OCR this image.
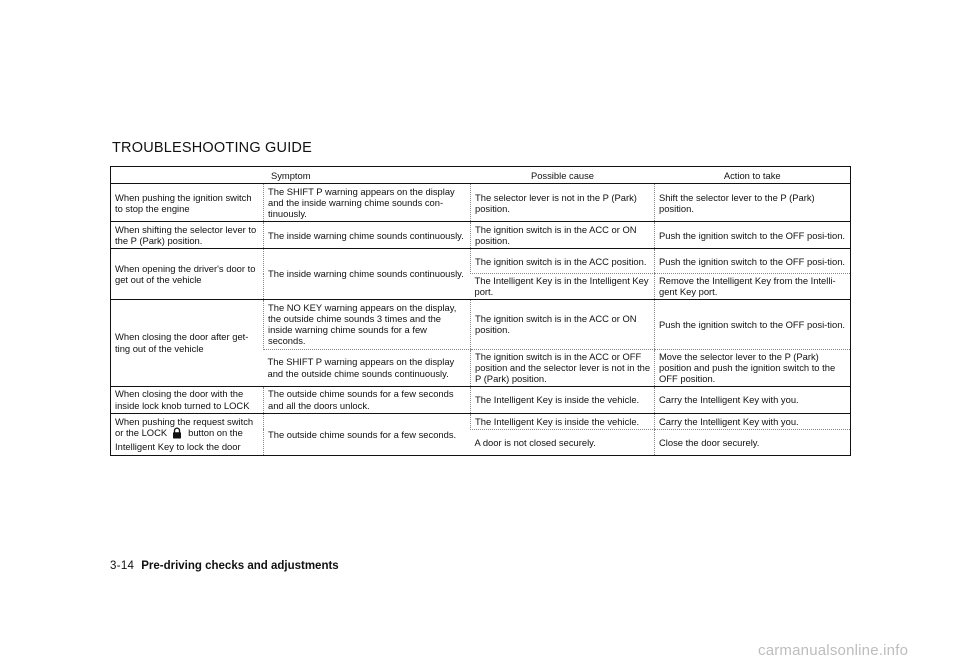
TROUBLESHOOTING GUIDE
Symptom		Possible cause	Action to take
When pushing the ignition switch to stop the engine	The SHIFT P warning appears on the display and the inside warning chime sounds con-tinuously.	The selector lever is not in the P (Park) position.	Shift the selector lever to the P (Park) position.
When shifting the selector lever to the P (Park) position.	The inside warning chime sounds continuously.	The ignition switch is in the ACC or ON position.	Push the ignition switch to the OFF posi-tion.
When opening the driver's door to get out of the vehicle	The inside warning chime sounds continuously.	The ignition switch is in the ACC position.	Push the ignition switch to the OFF posi-tion.
		The Intelligent Key is in the Intelligent Key port.	Remove the Intelligent Key from the Intelli-gent Key port.
When closing the door after get-ting out of the vehicle	The NO KEY warning appears on the display, the outside chime sounds 3 times and the inside warning chime sounds for a few seconds.	The ignition switch is in the ACC or ON position.	Push the ignition switch to the OFF posi-tion.
	The SHIFT P warning appears on the display and the outside chime sounds continuously.	The ignition switch is in the ACC or OFF position and the selector lever is not in the P (Park) position.	Move the selector lever to the P (Park) position and push the ignition switch to the OFF position.
When closing the door with the inside lock knob turned to LOCK	The outside chime sounds for a few seconds and all the doors unlock.	The Intelligent Key is inside the vehicle.	Carry the Intelligent Key with you.
When pushing the request switch or the LOCK button on the Intelligent Key to lock the door	The outside chime sounds for a few seconds.	The Intelligent Key is inside the vehicle.	Carry the Intelligent Key with you.
		A door is not closed securely.	Close the door securely.
3-14 Pre-driving checks and adjustments
carmanualsonline.info
